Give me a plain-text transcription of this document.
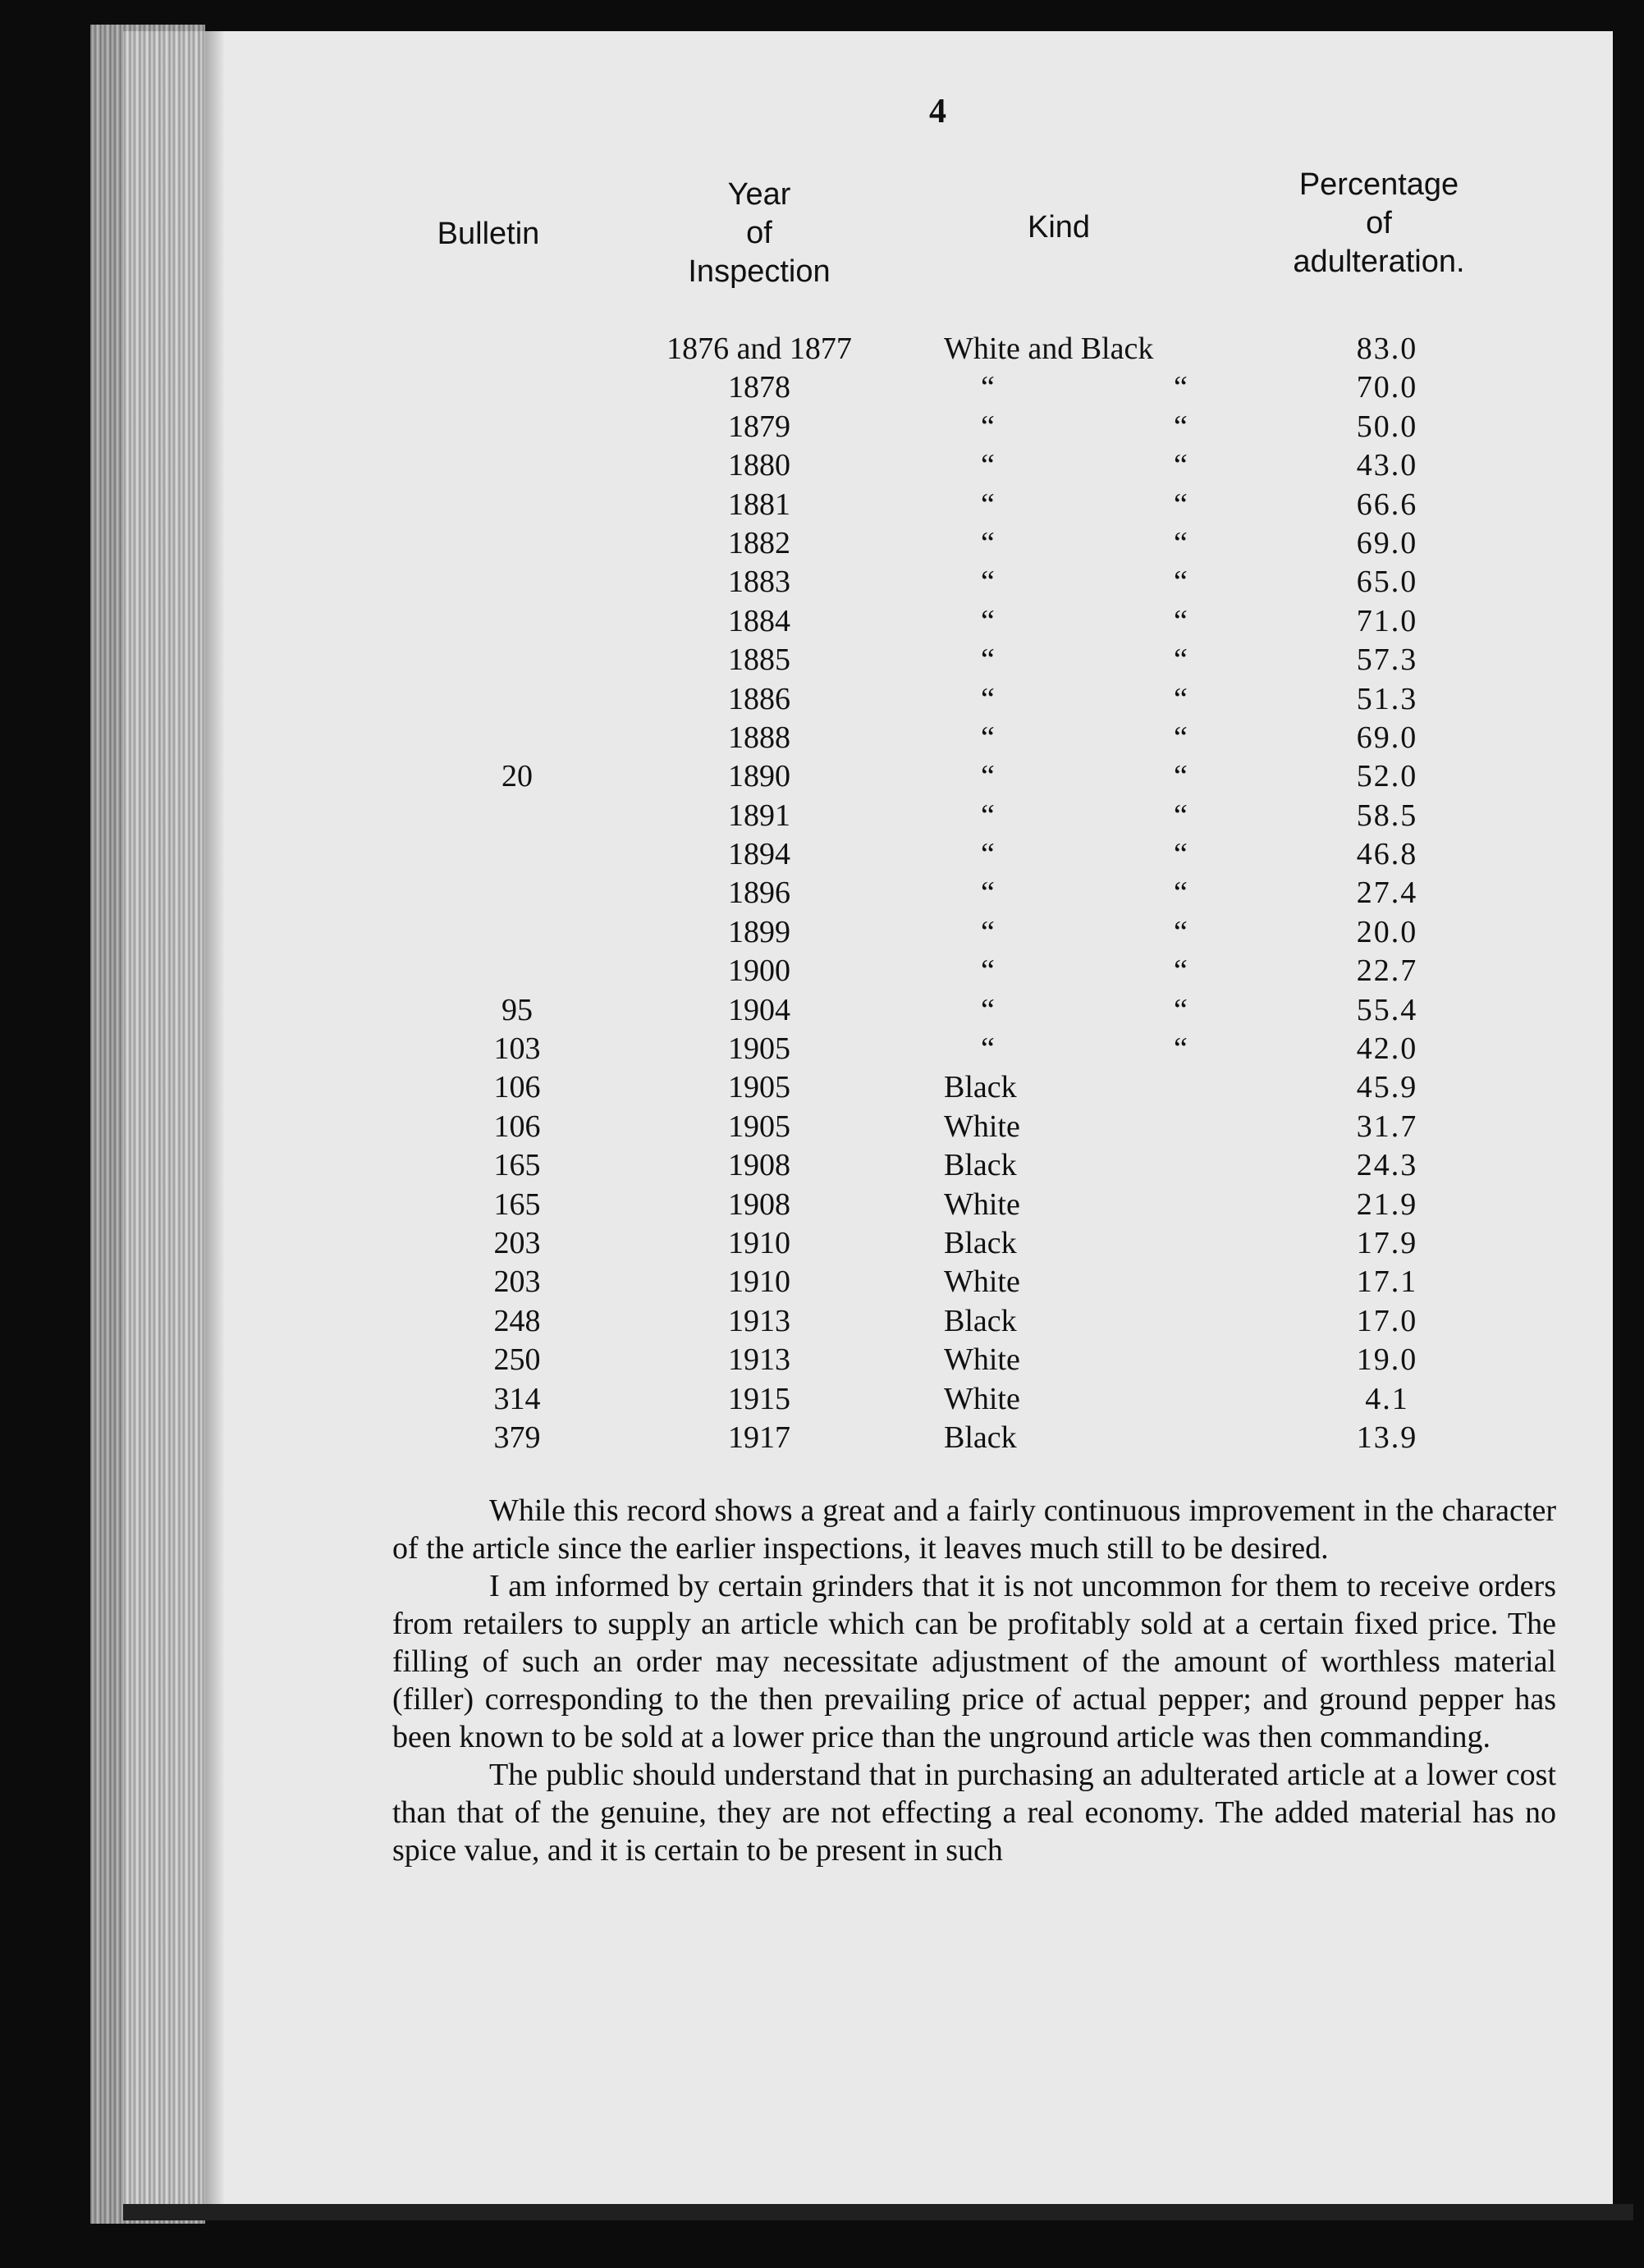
4
Bulletin
Year
of
Inspection
Kind
Percentage
of
adulteration.
1876 and 1877	White and Black	83.0
1878	“	“	70.0
1879	“	“	50.0
1880	“	“	43.0
1881	“	“	66.6
1882	“	“	69.0
1883	“	“	65.0
1884	“	“	71.0
1885	“	“	57.3
1886	“	“	51.3
1888	“	“	69.0
20	1890	“	“	52.0
1891	“	“	58.5
1894	“	“	46.8
1896	“	“	27.4
1899	“	“	20.0
1900	“	“	22.7
95	1904	“	“	55.4
103	1905	“	“	42.0
106	1905	Black	45.9
106	1905	White	31.7
165	1908	Black	24.3
165	1908	White	21.9
203	1910	Black	17.9
203	1910	White	17.1
248	1913	Black	17.0
250	1913	White	19.0
314	1915	White	4.1
379	1917	Black	13.9

While this record shows a great and a fairly continuous improvement in the character of the article since the earlier inspections, it leaves much still to be desired.

I am informed by certain grinders that it is not uncommon for them to receive orders from retailers to supply an article which can be profitably sold at a certain fixed price. The filling of such an order may necessitate adjustment of the amount of worthless material (filler) corresponding to the then prevailing price of actual pepper; and ground pepper has been known to be sold at a lower price than the unground article was then commanding.

The public should understand that in purchasing an adulterated article at a lower cost than that of the genuine, they are not effecting a real economy. The added material has no spice value, and it is certain to be present in such
